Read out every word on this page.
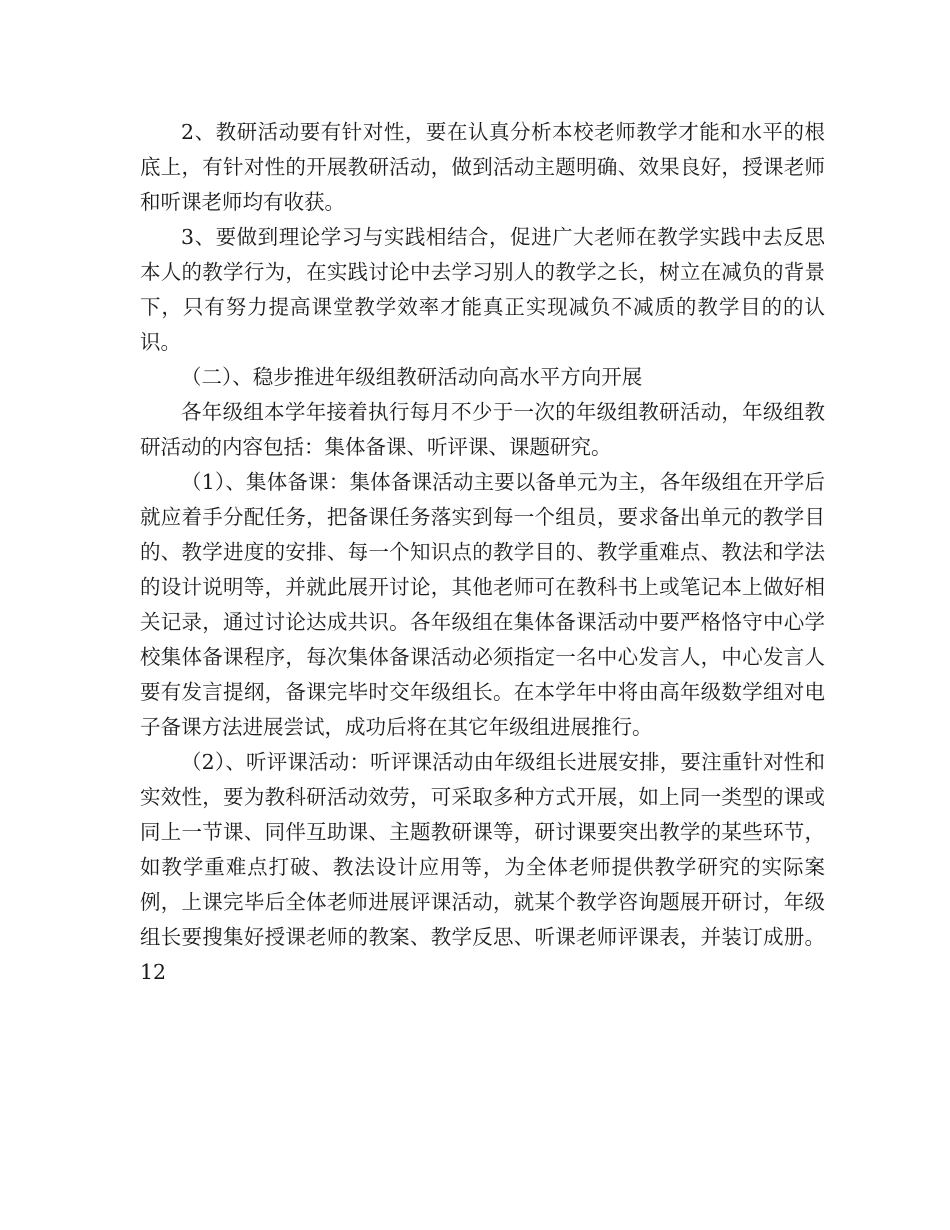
2、教研活动要有针对性，要在认真分析本校老师教学才能和水平的根底上，有针对性的开展教研活动，做到活动主题明确、效果良好，授课老师和听课老师均有收获。

3、要做到理论学习与实践相结合，促进广大老师在教学实践中去反思本人的教学行为，在实践讨论中去学习别人的教学之长，树立在减负的背景下，只有努力提高课堂教学效率才能真正实现减负不减质的教学目的的认识。

（二）、稳步推进年级组教研活动向高水平方向开展

各年级组本学年接着执行每月不少于一次的年级组教研活动，年级组教研活动的内容包括：集体备课、听评课、课题研究。

（1）、集体备课：集体备课活动主要以备单元为主，各年级组在开学后就应着手分配任务，把备课任务落实到每一个组员，要求备出单元的教学目的、教学进度的安排、每一个知识点的教学目的、教学重难点、教法和学法的设计说明等，并就此展开讨论，其他老师可在教科书上或笔记本上做好相关记录，通过讨论达成共识。各年级组在集体备课活动中要严格恪守中心学校集体备课程序，每次集体备课活动必须指定一名中心发言人，中心发言人要有发言提纲，备课完毕时交年级组长。在本学年中将由高年级数学组对电子备课方法进展尝试，成功后将在其它年级组进展推行。

（2）、听评课活动：听评课活动由年级组长进展安排，要注重针对性和实效性，要为教科研活动效劳，可采取多种方式开展，如上同一类型的课或同上一节课、同伴互助课、主题教研课等，研讨课要突出教学的某些环节，如教学重难点打破、教法设计应用等，为全体老师提供教学研究的实际案例，上课完毕后全体老师进展评课活动，就某个教学咨询题展开研讨，年级组长要搜集好授课老师的教案、教学反思、听课老师评课表，并装订成册。12
